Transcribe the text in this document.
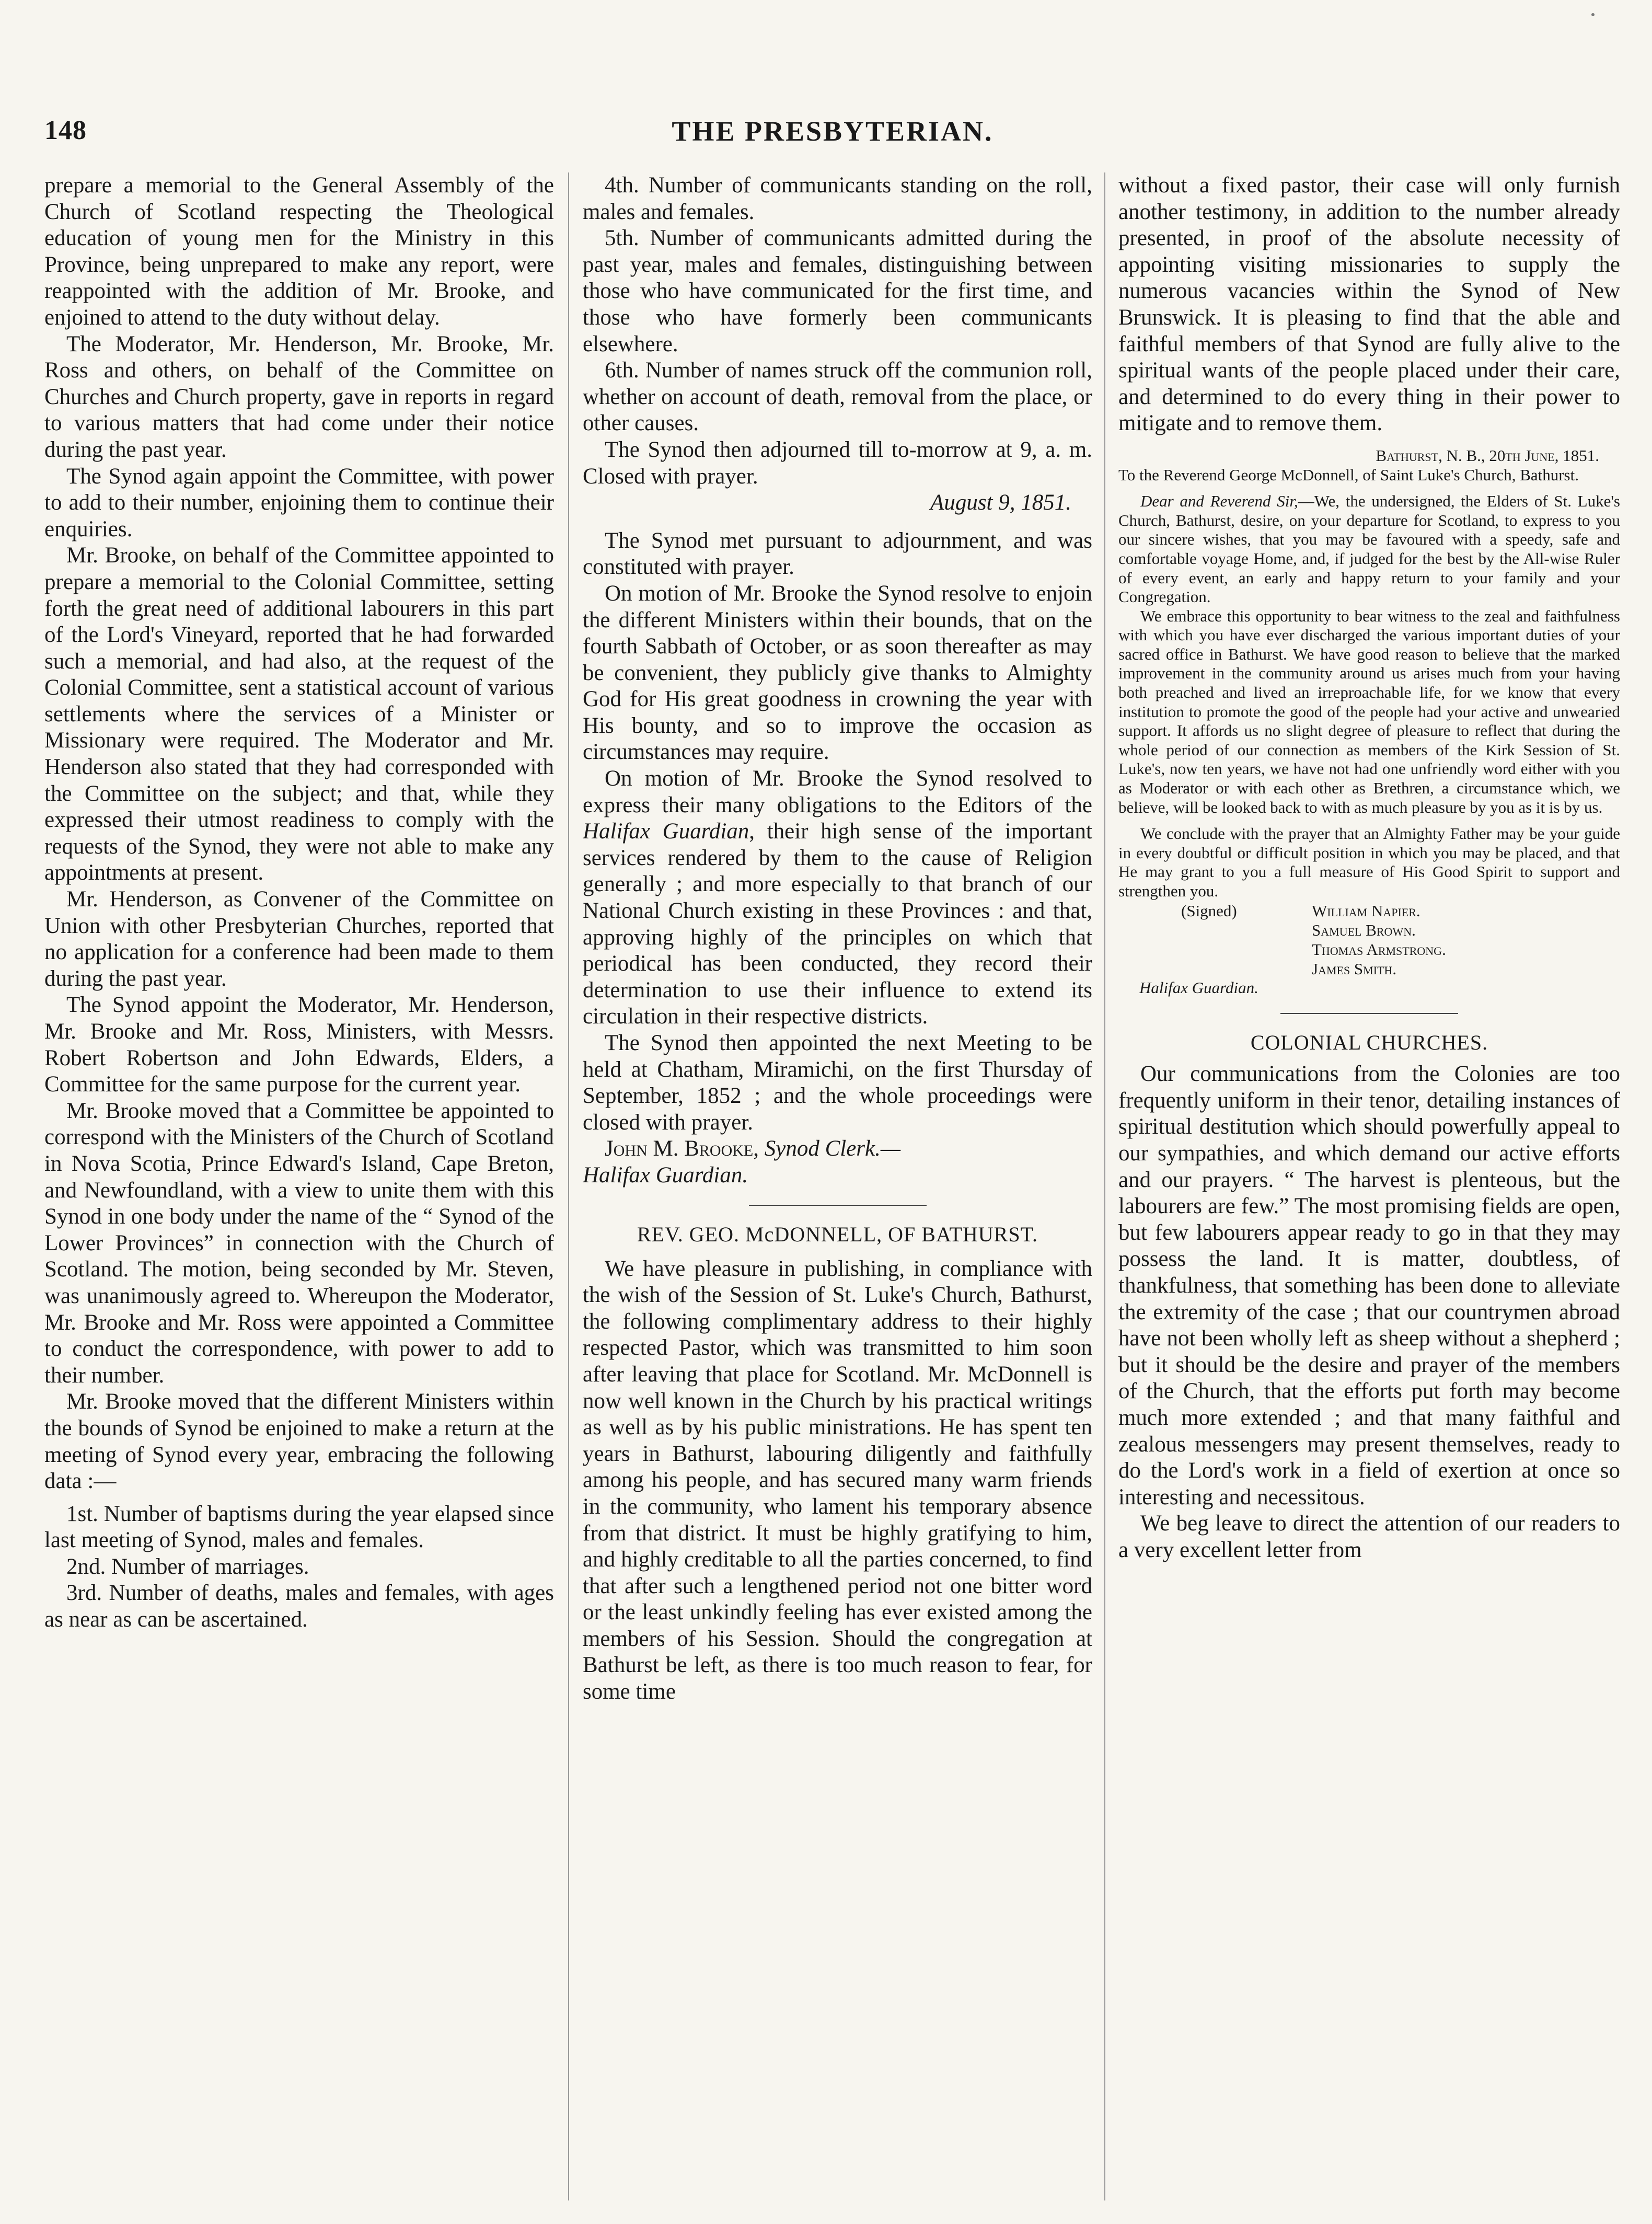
148	THE PRESBYTERIAN.

prepare a memorial to the General Assembly of the Church of Scotland respecting the Theological education of young men for the Ministry in this Province, being unprepared to make any report, were reappointed with the addition of Mr. Brooke, and enjoined to attend to the duty without delay.

The Moderator, Mr. Henderson, Mr. Brooke, Mr. Ross and others, on behalf of the Committee on Churches and Church property, gave in reports in regard to various matters that had come under their notice during the past year.

The Synod again appoint the Committee, with power to add to their number, enjoining them to continue their enquiries.

Mr. Brooke, on behalf of the Committee appointed to prepare a memorial to the Colonial Committee, setting forth the great need of additional labourers in this part of the Lord's Vineyard, reported that he had forwarded such a memorial, and had also, at the request of the Colonial Committee, sent a statistical account of various settlements where the services of a Minister or Missionary were required. The Moderator and Mr. Henderson also stated that they had corresponded with the Committee on the subject; and that, while they expressed their utmost readiness to comply with the requests of the Synod, they were not able to make any appointments at present.

Mr. Henderson, as Convener of the Committee on Union with other Presbyterian Churches, reported that no application for a conference had been made to them during the past year.

The Synod appoint the Moderator, Mr. Henderson, Mr. Brooke and Mr. Ross, Ministers, with Messrs. Robert Robertson and John Edwards, Elders, a Committee for the same purpose for the current year.

Mr. Brooke moved that a Committee be appointed to correspond with the Ministers of the Church of Scotland in Nova Scotia, Prince Edward's Island, Cape Breton, and Newfoundland, with a view to unite them with this Synod in one body under the name of the “ Synod of the Lower Provinces” in connection with the Church of Scotland. The motion, being seconded by Mr. Steven, was unanimously agreed to. Whereupon the Moderator, Mr. Brooke and Mr. Ross were appointed a Committee to conduct the correspondence, with power to add to their number.

Mr. Brooke moved that the different Ministers within the bounds of Synod be enjoined to make a return at the meeting of Synod every year, embracing the following data :—

1st. Number of baptisms during the year elapsed since last meeting of Synod, males and females.

2nd. Number of marriages.

3rd. Number of deaths, males and females, with ages as near as can be ascertained.

4th. Number of communicants standing on the roll, males and females.

5th. Number of communicants admitted during the past year, males and females, distinguishing between those who have communicated for the first time, and those who have formerly been communicants elsewhere.

6th. Number of names struck off the communion roll, whether on account of death, removal from the place, or other causes.

The Synod then adjourned till to-morrow at 9, a. m. Closed with prayer.

August 9, 1851.

The Synod met pursuant to adjournment, and was constituted with prayer.

On motion of Mr. Brooke the Synod resolve to enjoin the different Ministers within their bounds, that on the fourth Sabbath of October, or as soon thereafter as may be convenient, they publicly give thanks to Almighty God for His great goodness in crowning the year with His bounty, and so to improve the occasion as circumstances may require.

On motion of Mr. Brooke the Synod resolved to express their many obligations to the Editors of the Halifax Guardian, their high sense of the important services rendered by them to the cause of Religion generally ; and more especially to that branch of our National Church existing in these Provinces : and that, approving highly of the principles on which that periodical has been conducted, they record their determination to use their influence to extend its circulation in their respective districts.

The Synod then appointed the next Meeting to be held at Chatham, Miramichi, on the first Thursday of September, 1852 ; and the whole proceedings were closed with prayer.

John M. Brooke, Synod Clerk.—

Halifax Guardian.

REV. GEO. McDONNELL, OF BATHURST.

We have pleasure in publishing, in compliance with the wish of the Session of St. Luke's Church, Bathurst, the following complimentary address to their highly respected Pastor, which was transmitted to him soon after leaving that place for Scotland. Mr. McDonnell is now well known in the Church by his practical writings as well as by his public ministrations. He has spent ten years in Bathurst, labouring diligently and faithfully among his people, and has secured many warm friends in the community, who lament his temporary absence from that district. It must be highly gratifying to him, and highly creditable to all the parties concerned, to find that after such a lengthened period not one bitter word or the least unkindly feeling has ever existed among the members of his Session. Should the congregation at Bathurst be left, as there is too much reason to fear, for some time

without a fixed pastor, their case will only furnish another testimony, in addition to the number already presented, in proof of the absolute necessity of appointing visiting missionaries to supply the numerous vacancies within the Synod of New Brunswick. It is pleasing to find that the able and faithful members of that Synod are fully alive to the spiritual wants of the people placed under their care, and determined to do every thing in their power to mitigate and to remove them.

Bathurst, N. B., 20th June, 1851.

To the Reverend George McDonnell, of Saint Luke's Church, Bathurst.

Dear and Reverend Sir,—We, the undersigned, the Elders of St. Luke's Church, Bathurst, desire, on your departure for Scotland, to express to you our sincere wishes, that you may be favoured with a speedy, safe and comfortable voyage Home, and, if judged for the best by the All-wise Ruler of every event, an early and happy return to your family and your Congregation.

We embrace this opportunity to bear witness to the zeal and faithfulness with which you have ever discharged the various important duties of your sacred office in Bathurst. We have good reason to believe that the marked improvement in the community around us arises much from your having both preached and lived an irreproachable life, for we know that every institution to promote the good of the people had your active and unwearied support. It affords us no slight degree of pleasure to reflect that during the whole period of our connection as members of the Kirk Session of St. Luke's, now ten years, we have not had one unfriendly word either with you as Moderator or with each other as Brethren, a circumstance which, we believe, will be looked back to with as much pleasure by you as it is by us.

We conclude with the prayer that an Almighty Father may be your guide in every doubtful or difficult position in which you may be placed, and that He may grant to you a full measure of His Good Spirit to support and strengthen you.

(Signed)	William Napier.
Samuel Brown.
Thomas Armstrong.
James Smith.

Halifax Guardian.

COLONIAL CHURCHES.

Our communications from the Colonies are too frequently uniform in their tenor, detailing instances of spiritual destitution which should powerfully appeal to our sympathies, and which demand our active efforts and our prayers. “ The harvest is plenteous, but the labourers are few.” The most promising fields are open, but few labourers appear ready to go in that they may possess the land. It is matter, doubtless, of thankfulness, that something has been done to alleviate the extremity of the case ; that our countrymen abroad have not been wholly left as sheep without a shepherd ; but it should be the desire and prayer of the members of the Church, that the efforts put forth may become much more extended ; and that many faithful and zealous messengers may present themselves, ready to do the Lord's work in a field of exertion at once so interesting and necessitous.

We beg leave to direct the attention of our readers to a very excellent letter from
